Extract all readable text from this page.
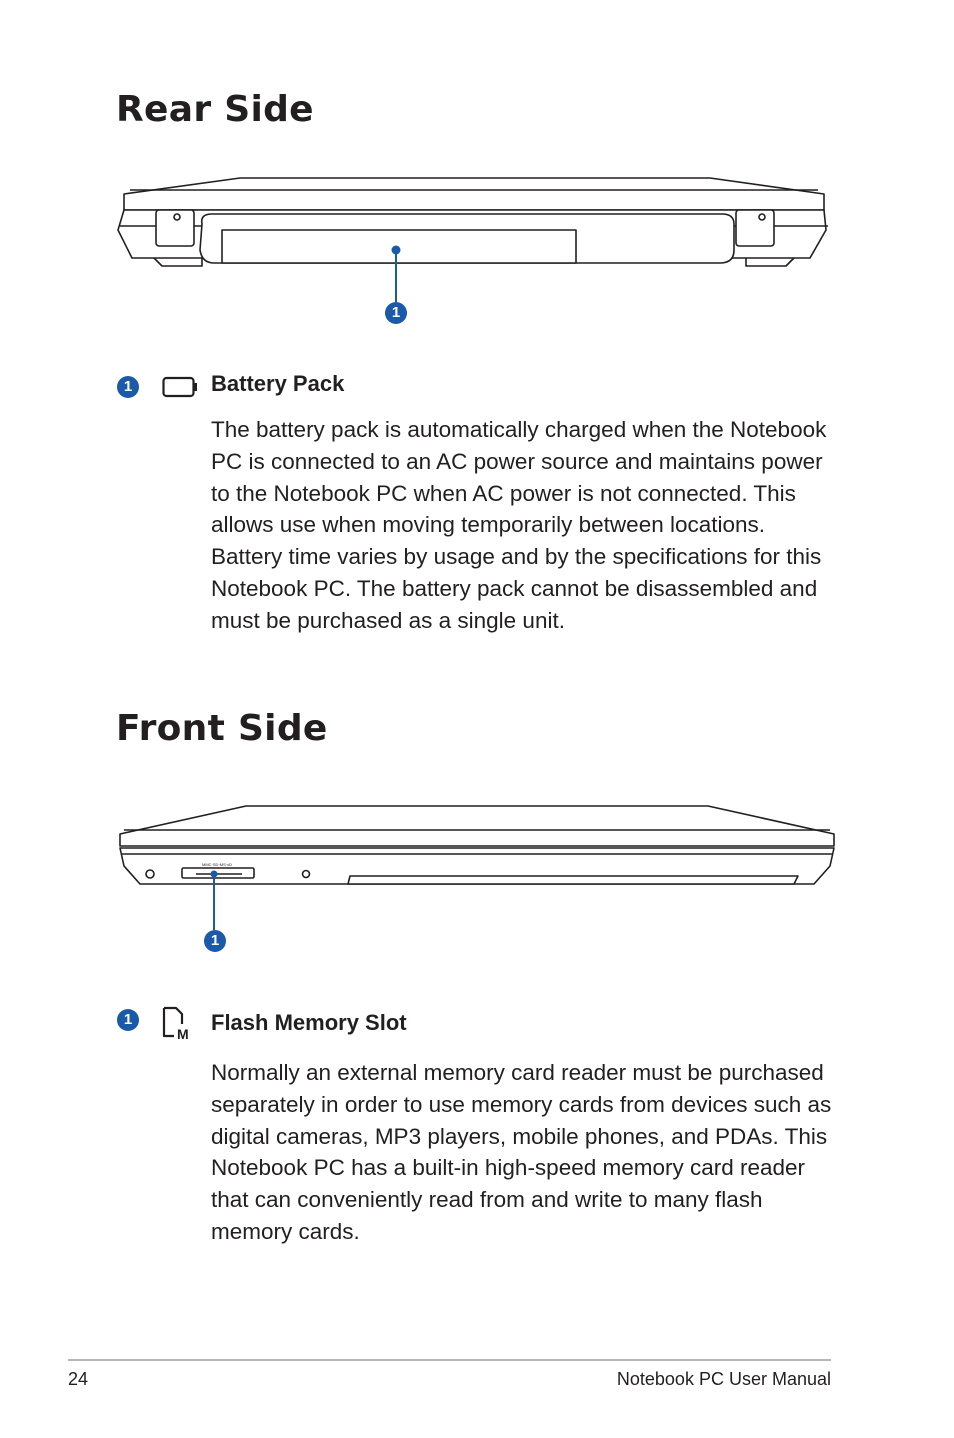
Rear Side
1
1	Battery Pack

The battery pack is automatically charged when the Notebook PC is connected to an AC power source and maintains power to the Notebook PC when AC power is not connected. This allows use when moving temporarily between locations. Battery time varies by usage and by the specifications for this Notebook PC. The battery pack cannot be disassembled and must be purchased as a single unit.

Front Side
MMC·SD·MS·xD
1
1
M Flash Memory Slot

Normally an external memory card reader must be purchased separately in order to use memory cards from devices such as digital cameras, MP3 players, mobile phones, and PDAs. This Notebook PC has a built-in high-speed memory card reader that can conveniently read from and write to many flash memory cards.

24	Notebook PC User Manual
